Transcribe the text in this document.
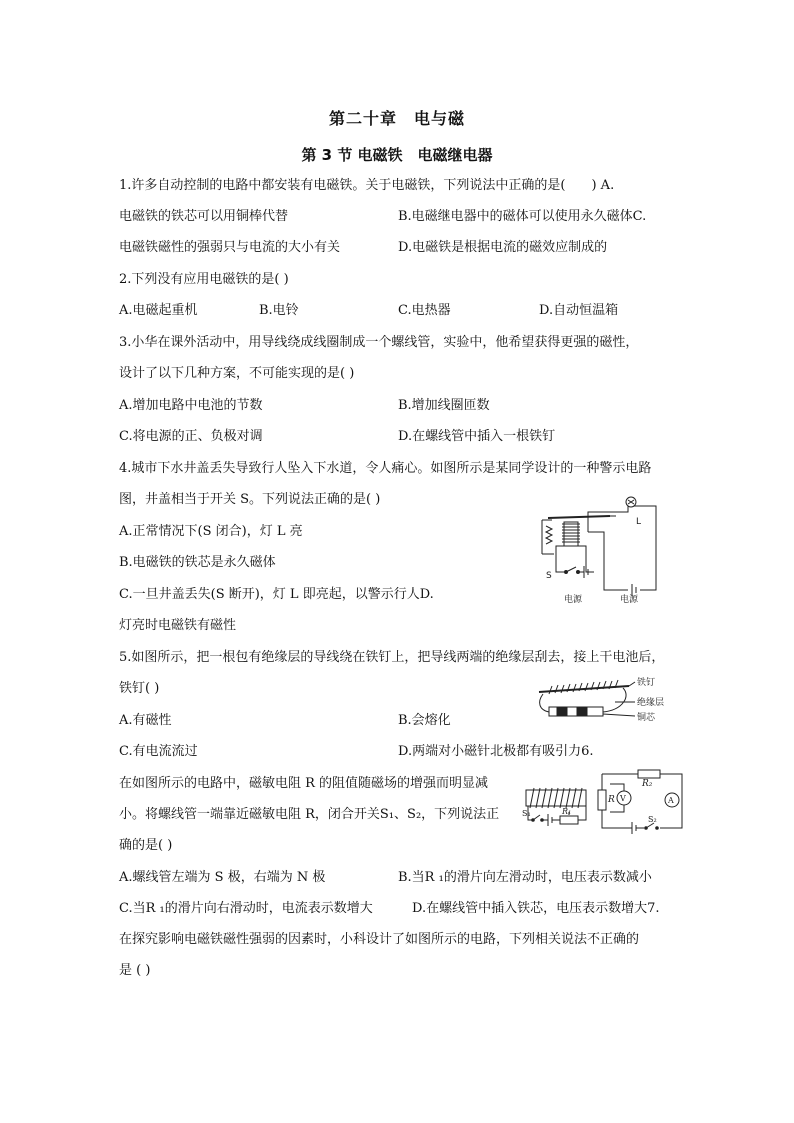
第二十章　电与磁
第 3 节 电磁铁　电磁继电器
1.许多自动控制的电路中都安装有电磁铁。关于电磁铁，下列说法中正确的是(　　) A.
电磁铁的铁芯可以用铜棒代替	B.电磁继电器中的磁体可以使用永久磁体C.
电磁铁磁性的强弱只与电流的大小有关	D.电磁铁是根据电流的磁效应制成的
2.下列没有应用电磁铁的是( )
A.电磁起重机	B.电铃	C.电热器	D.自动恒温箱
3.小华在课外活动中，用导线绕成线圈制成一个螺线管，实验中，他希望获得更强的磁性，
设计了以下几种方案，不可能实现的是( )
A.增加电路中电池的节数	B.增加线圈匝数
C.将电源的正、负极对调	D.在螺线管中插入一根铁钉
4.城市下水井盖丢失导致行人坠入下水道，令人痛心。如图所示是某同学设计的一种警示电路
图，井盖相当于开关 S。下列说法正确的是( )
A.正常情况下(S 闭合)，灯 L 亮
B.电磁铁的铁芯是永久磁体
C.一旦井盖丢失(S 断开)，灯 L 即亮起，以警示行人D.
灯亮时电磁铁有磁性
L
S
电源	电源
5.如图所示，把一根包有绝缘层的导线绕在铁钉上，把导线两端的绝缘层刮去，接上干电池后，
铁钉( )
A.有磁性	B.会熔化
C.有电流流过	D.两端对小磁针北极都有吸引力6.
铁钉
绝缘层
铜芯
在如图所示的电路中，磁敏电阻 R 的阻值随磁场的增强而明显减
小。将螺线管一端靠近磁敏电阻 R，闭合开关S₁、S₂，下列说法正
确的是( )
A.螺线管左端为 S 极，右端为 N 极	B.当R ₁的滑片向左滑动时，电压表示数减小
C.当R ₁的滑片向右滑动时，电流表示数增大	D.在螺线管中插入铁芯，电压表示数增大7.
R₂
R V	A
S₁	R₁
S₂
在探究影响电磁铁磁性强弱的因素时，小科设计了如图所示的电路，下列相关说法不正确的
是 ( )
